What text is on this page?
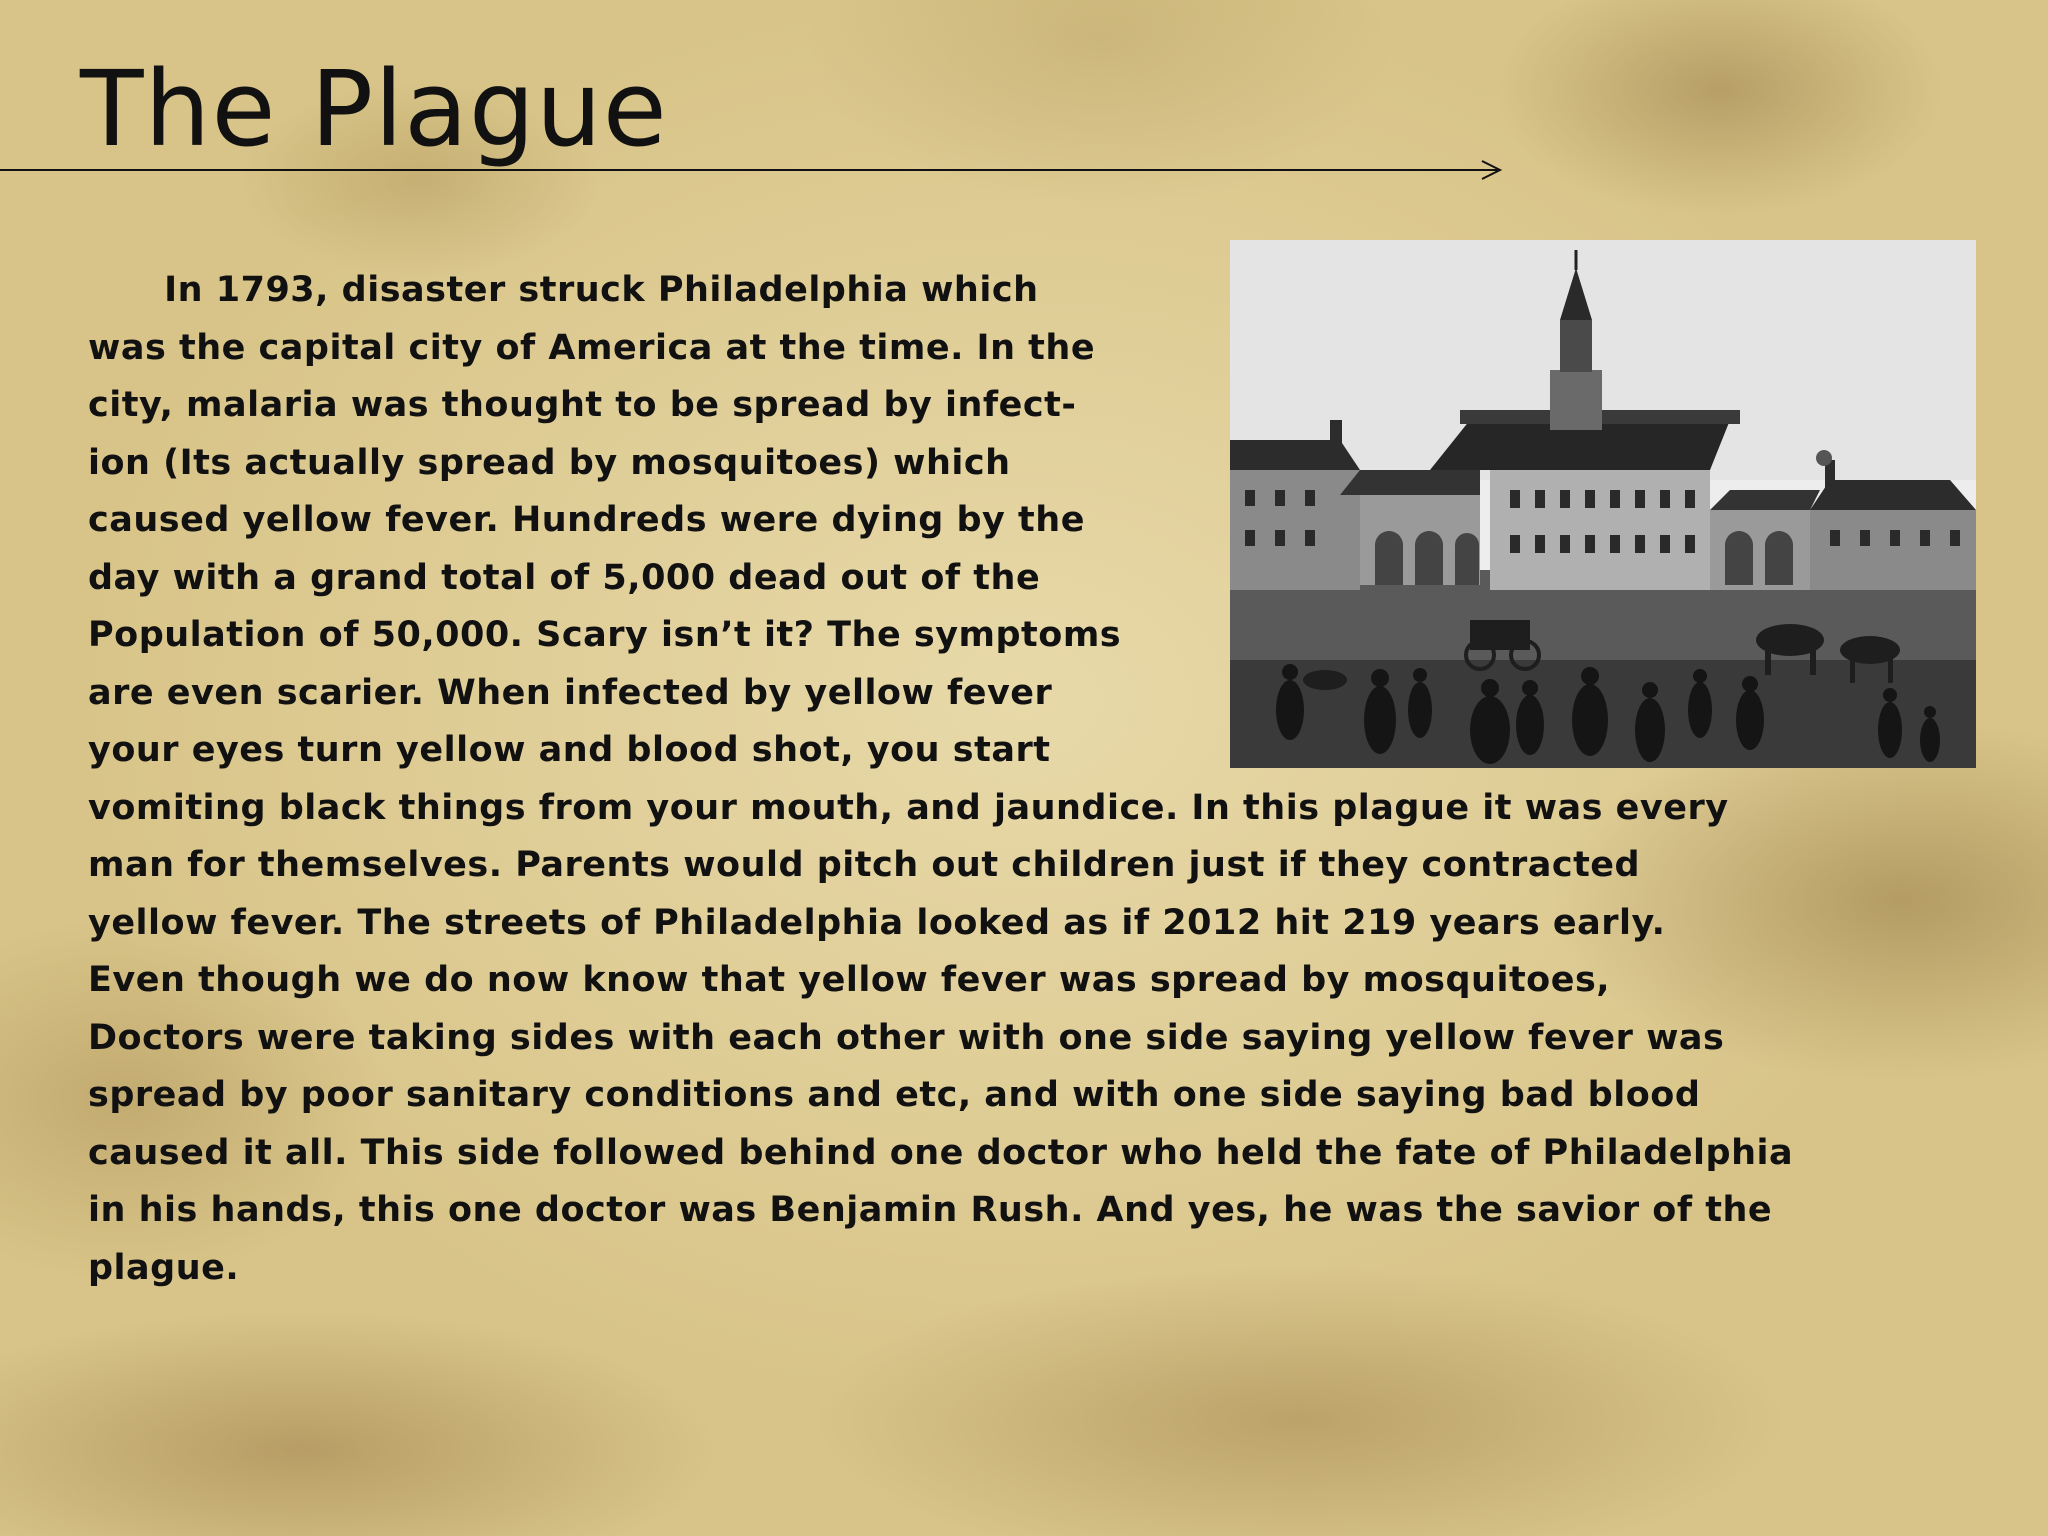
The Plague
In 1793, disaster struck Philadelphia which
was the capital city of America at the time. In the
city, malaria was thought to be spread by infect-
ion (Its actually spread by mosquitoes) which
caused yellow fever. Hundreds were dying by the
day with a grand total of 5,000 dead out of the
Population of 50,000. Scary isn’t it? The symptoms
are even scarier. When infected by yellow fever
your eyes turn yellow and blood shot, you start
vomiting black things from your mouth, and jaundice. In this plague it was every
man for themselves. Parents would pitch out children just if they contracted
yellow fever. The streets of Philadelphia looked as if 2012 hit 219 years early.
Even though we do now know that yellow fever was spread by mosquitoes,
Doctors were taking sides with each other with one side saying yellow fever was
spread by poor sanitary conditions and etc, and with one side saying bad blood
caused it all. This side followed behind one doctor who held the fate of Philadelphia
in his hands, this one doctor was Benjamin Rush. And yes, he was the savior of the
plague.
